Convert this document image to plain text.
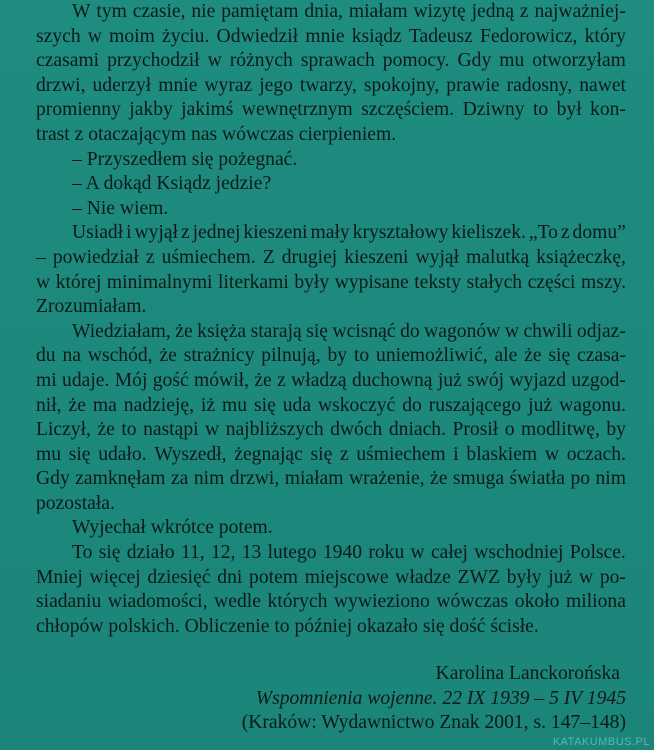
W tym czasie, nie pamiętam dnia, miałam wizytę jedną z najważniej-
szych w moim życiu. Odwiedził mnie ksiądz Tadeusz Fedorowicz, który
czasami przychodził w różnych sprawach pomocy. Gdy mu otworzyłam
drzwi, uderzył mnie wyraz jego twarzy, spokojny, prawie radosny, nawet
promienny jakby jakimś wewnętrznym szczęściem. Dziwny to był kon-
trast z otaczającym nas wówczas cierpieniem.
– Przyszedłem się pożegnać.
– A dokąd Ksiądz jedzie?
– Nie wiem.
Usiadł i wyjął z jednej kieszeni mały kryształowy kieliszek. „To z domu”
– powiedział z uśmiechem. Z drugiej kieszeni wyjął malutką książeczkę,
w której minimalnymi literkami były wypisane teksty stałych części mszy.
Zrozumiałam.
Wiedziałam, że księża starają się wcisnąć do wagonów w chwili odjaz-
du na wschód, że strażnicy pilnują, by to uniemożliwić, ale że się czasa-
mi udaje. Mój gość mówił, że z władzą duchowną już swój wyjazd uzgod-
nił, że ma nadzieję, iż mu się uda wskoczyć do ruszającego już wagonu.
Liczył, że to nastąpi w najbliższych dwóch dniach. Prosił o modlitwę, by
mu się udało. Wyszedł, żegnając się z uśmiechem i blaskiem w oczach.
Gdy zamknęłam za nim drzwi, miałam wrażenie, że smuga światła po nim
pozostała.
Wyjechał wkrótce potem.
To się działo 11, 12, 13 lutego 1940 roku w całej wschodniej Polsce.
Mniej więcej dziesięć dni potem miejscowe władze ZWZ były już w po-
siadaniu wiadomości, wedle których wywieziono wówczas około miliona
chłopów polskich. Obliczenie to później okazało się dość ścisłe.
Karolina Lanckorońska
Wspomnienia wojenne. 22 IX 1939 – 5 IV 1945
(Kraków: Wydawnictwo Znak 2001, s. 147–148)
KATAKUMBUS.PL
